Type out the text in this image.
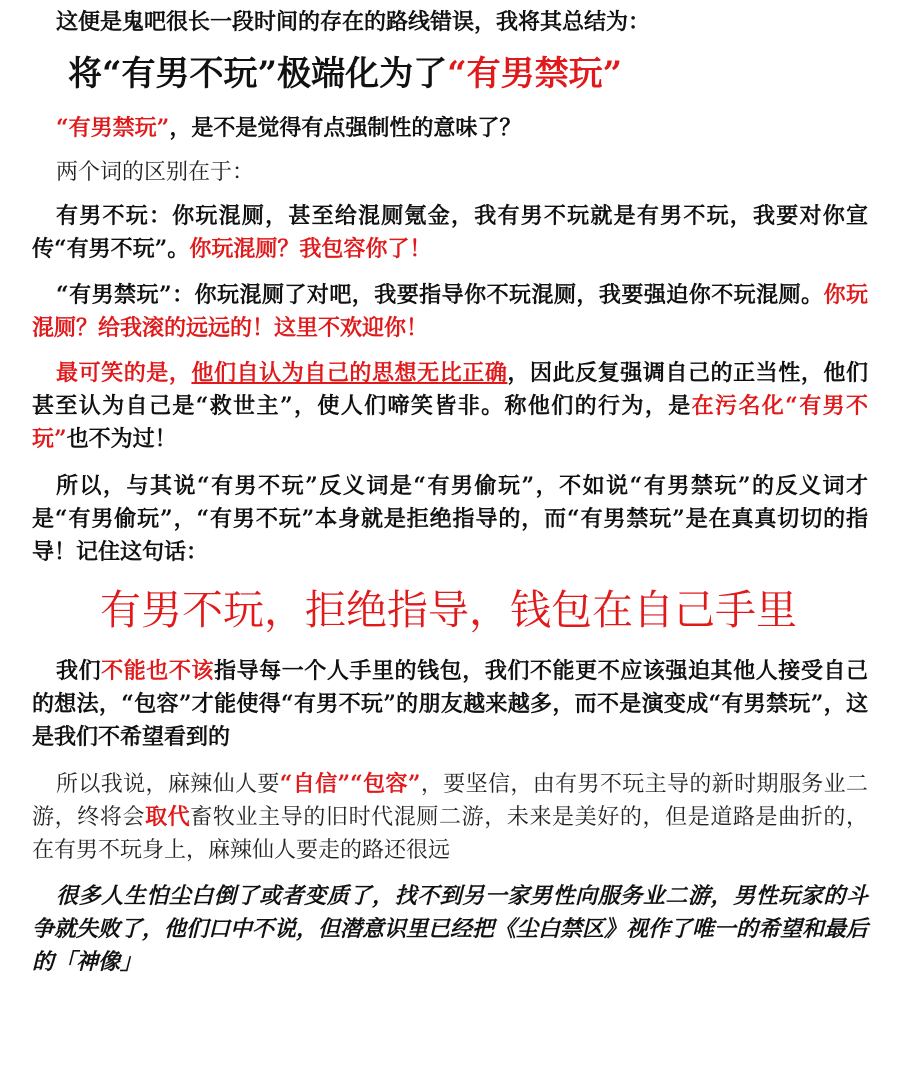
这便是鬼吧很长一段时间的存在的路线错误，我将其总结为：

将“有男不玩”极端化为了“有男禁玩”

“有男禁玩”，是不是觉得有点强制性的意味了？

两个词的区别在于：

有男不玩：你玩混厕，甚至给混厕氪金，我有男不玩就是有男不玩，我要对你宣传“有男不玩”。你玩混厕？我包容你了！

“有男禁玩”：你玩混厕了对吧，我要指导你不玩混厕，我要强迫你不玩混厕。你玩混厕？给我滚的远远的！这里不欢迎你！

最可笑的是，他们自认为自己的思想无比正确，因此反复强调自己的正当性，他们甚至认为自己是“救世主”，使人们啼笑皆非。称他们的行为，是在污名化“有男不玩”也不为过！

所以，与其说“有男不玩”反义词是“有男偷玩”，不如说“有男禁玩”的反义词才是“有男偷玩”，“有男不玩”本身就是拒绝指导的，而“有男禁玩”是在真真切切的指导！记住这句话：

有男不玩，拒绝指导，钱包在自己手里

我们不能也不该指导每一个人手里的钱包，我们不能更不应该强迫其他人接受自己的想法，“包容”才能使得“有男不玩”的朋友越来越多，而不是演变成“有男禁玩”，这是我们不希望看到的

所以我说，麻辣仙人要“自信”“包容”，要坚信，由有男不玩主导的新时期服务业二游，终将会取代畜牧业主导的旧时代混厕二游，未来是美好的，但是道路是曲折的，在有男不玩身上，麻辣仙人要走的路还很远

很多人生怕尘白倒了或者变质了，找不到另一家男性向服务业二游，男性玩家的斗争就失败了，他们口中不说，但潜意识里已经把《尘白禁区》视作了唯一的希望和最后的「神像」
